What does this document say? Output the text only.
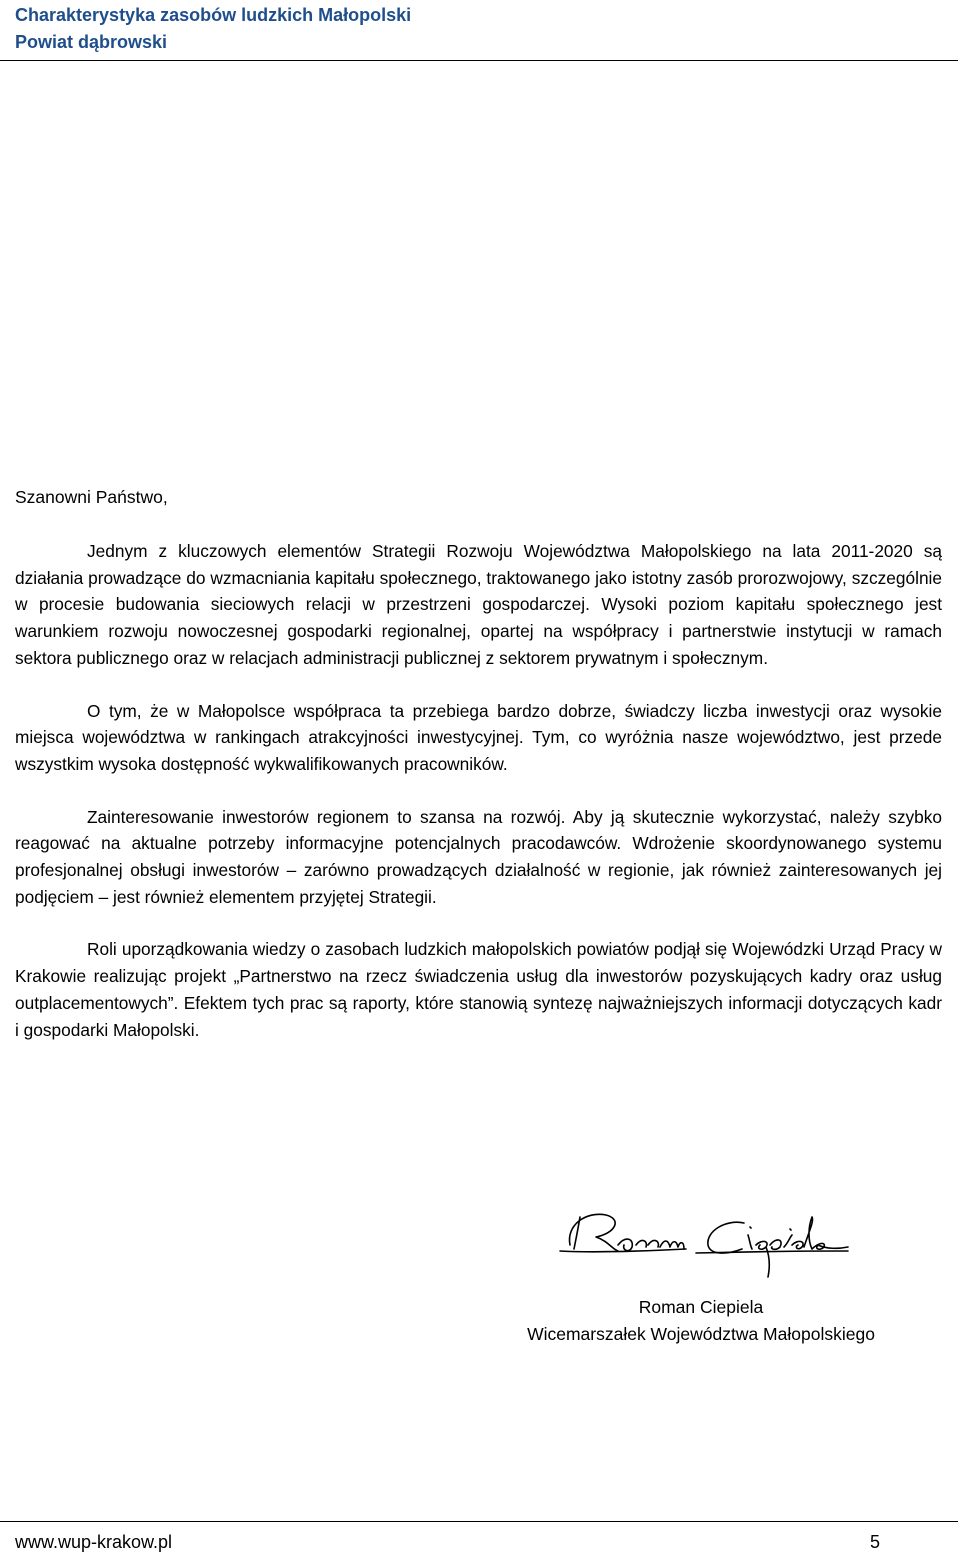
Charakterystyka zasobów ludzkich Małopolski
Powiat dąbrowski
Szanowni Państwo,

Jednym z kluczowych elementów Strategii Rozwoju Województwa Małopolskiego na lata 2011-2020 są działania prowadzące do wzmacniania kapitału społecznego, traktowanego jako istotny zasób prorozwojowy, szczególnie w procesie budowania sieciowych relacji w przestrzeni gospodarczej. Wysoki poziom kapitału społecznego jest warunkiem rozwoju nowoczesnej gospodarki regionalnej, opartej na współpracy i partnerstwie instytucji w ramach sektora publicznego oraz w relacjach administracji publicznej z sektorem prywatnym i społecznym.

O tym, że w Małopolsce współpraca ta przebiega bardzo dobrze, świadczy liczba inwestycji oraz wysokie miejsca województwa w rankingach atrakcyjności inwestycyjnej. Tym, co wyróżnia nasze województwo, jest przede wszystkim wysoka dostępność wykwalifikowanych pracowników.

Zainteresowanie inwestorów regionem to szansa na rozwój. Aby ją skutecznie wykorzystać, należy szybko reagować na aktualne potrzeby informacyjne potencjalnych pracodawców. Wdrożenie skoordynowanego systemu profesjonalnej obsługi inwestorów – zarówno prowadzących działalność w regionie, jak również zainteresowanych jej podjęciem – jest również elementem przyjętej Strategii.

Roli uporządkowania wiedzy o zasobach ludzkich małopolskich powiatów podjął się Wojewódzki Urząd Pracy w Krakowie realizując projekt „Partnerstwo na rzecz świadczenia usług dla inwestorów pozyskujących kadry oraz usług outplacementowych”. Efektem tych prac są raporty, które stanowią syntezę najważniejszych informacji dotyczących kadr i gospodarki Małopolski.

Roman Ciepiela
Wicemarszałek Województwa Małopolskiego
www.wup-krakow.pl	5
